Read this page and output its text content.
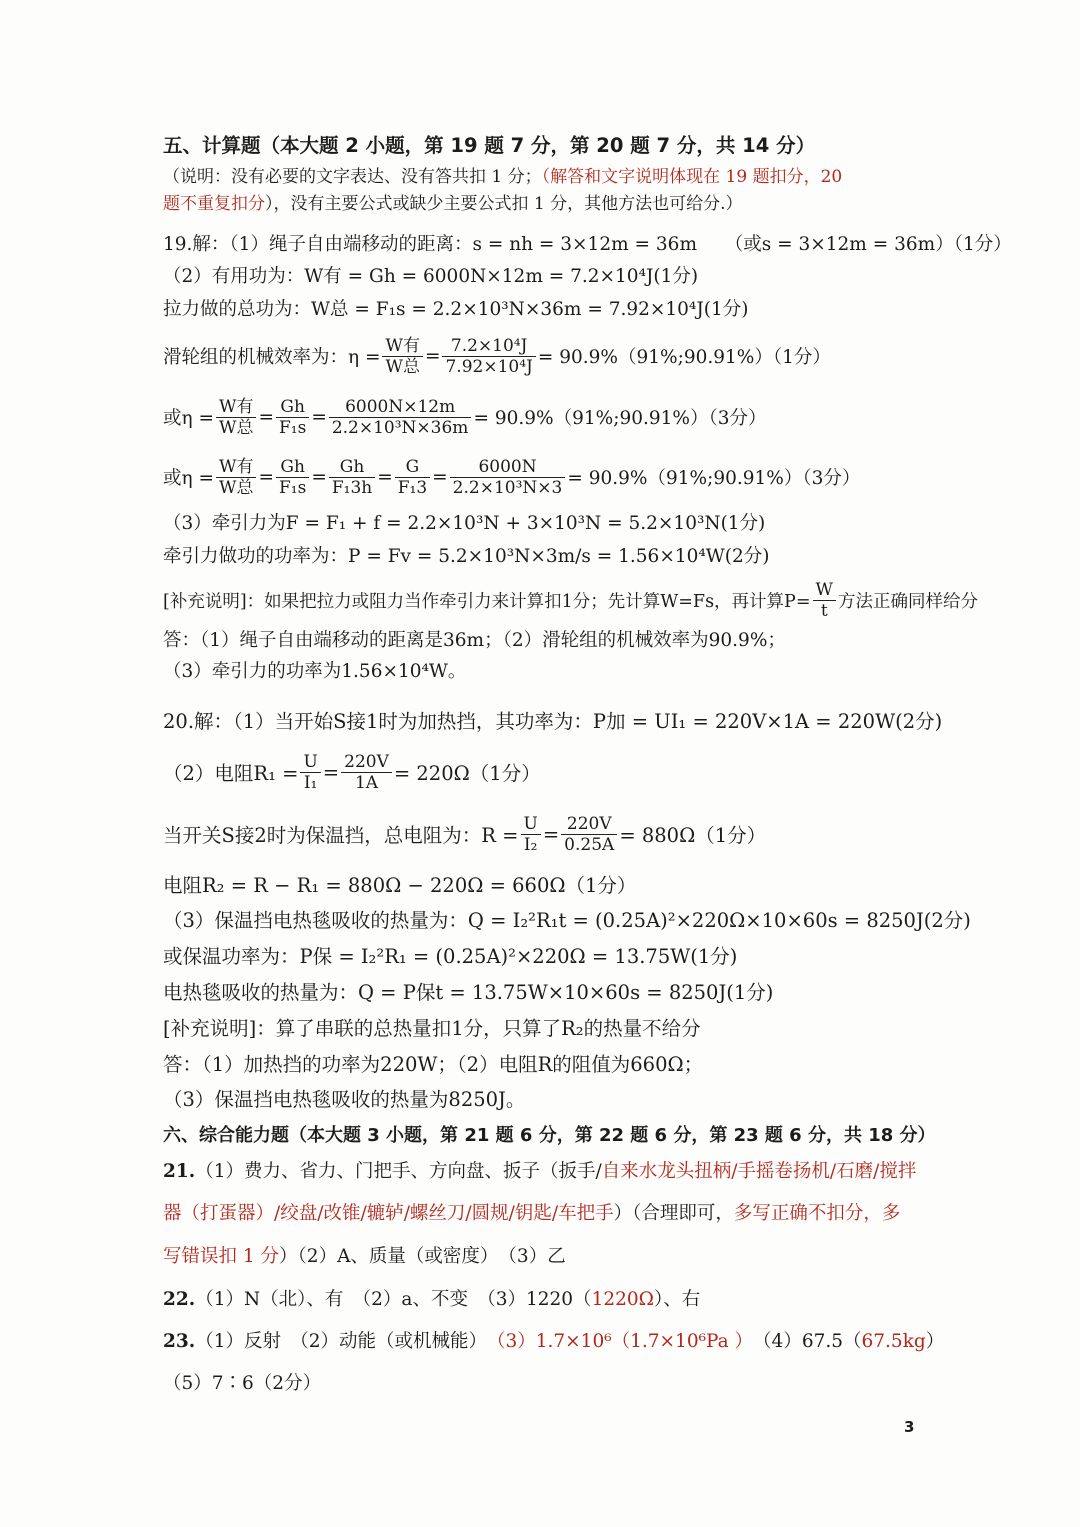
五、计算题（本大题 2 小题，第 19 题 7 分，第 20 题 7 分，共 14 分）
（说明：没有必要的文字表达、没有答共扣 1 分；（解答和文字说明体现在 19 题扣分，20
题不重复扣分），没有主要公式或缺少主要公式扣 1 分，其他方法也可给分.）
19.解：（1）绳子自由端移动的距离：s = nh = 3×12m = 36m　　（或s = 3×12m = 36m）（1分）
（2）有用功为：W有 = Gh = 6000N×12m = 7.2×10⁴J(1分)
拉力做的总功为：W总 = F₁s = 2.2×10³N×36m = 7.92×10⁴J(1分)
滑轮组的机械效率为：η =
W有
W总 = $\frac{\text{7.2×10⁴J}}{\text{7.92×10⁴J}}$ = 90.9%（91%;90.91%）（1分）
或η =
W有
W总 = Gh
$F_1s = \frac{6000N\times 12m}{\text{2.2×10³N×36m}}$ = 90.9%（91%;90.91%）（3分）
或η =
W有
W总 = Gh
F₁s = Gh
F₁3h = G
$F_13 = \frac{6000N}{\text{2.2×10³N×3}}$ = 90.9%（91%;90.91%）（3分）
（3）牵引力为F = F₁ + f = 2.2×10³N + 3×10³N = 5.2×10³N(1分)
牵引力做功的功率为：P = Fv = 5.2×10³N×3m/s = 1.56×10⁴W(2分)
[补充说明]：如果把拉力或阻力当作牵引力来计算扣1分；先计算W=Fs，再计算$P= \frac{W}{t}$ 方法正确同样给分
答：（1）绳子自由端移动的距离是36m；（2）滑轮组的机械效率为90.9%；
（3）牵引力的功率为1.56×10⁴W。
20.解：（1）当开始S接1时为加热挡，其功率为：P加 = UI₁ = 220V×1A = 220W(2分)
（2）电阻$R_1 = \frac{U}{\text{I₁}} = \frac{220V}{1A} = 220\Omega(1$分）
当开关S接2时为保温挡，总电阻为：$R = \frac{U}{\text{I₂}} = \frac{220V}{0.25A} = 880\Omega(1$分）
电阻R₂ = R − R₁ = 880Ω − 220Ω = 660Ω（1分）
（3）保温挡电热毯吸收的热量为：Q = I₂²R₁t = (0.25A)²×220Ω×10×60s = 8250J(2分)
或保温功率为：P保 = I₂²R₁ = (0.25A)²×220Ω = 13.75W(1分)
电热毯吸收的热量为：Q = P保t = 13.75W×10×60s = 8250J(1分)
[补充说明]：算了串联的总热量扣1分，只算了R₂的热量不给分
答：（1）加热挡的功率为220W；（2）电阻R的阻值为660Ω；
（3）保温挡电热毯吸收的热量为8250J。
六、综合能力题（本大题 3 小题，第 21 题 6 分，第 22 题 6 分，第 23 题 6 分，共 18 分）
21.（1）费力、省力、门把手、方向盘、扳子（扳手/自来水龙头扭柄/手摇卷扬机/石磨/搅拌
器（打蛋器）/绞盘/改锥/辘轳/螺丝刀/圆规/钥匙/车把手）（合理即可，多写正确不扣分，多
写错误扣 1 分）（2）A、质量（或密度）　（3）乙
22.（1）N（北）、有　（2）a、不变　（3）1220（1220Ω）、右
23.（1）反射　（2）动能（或机械能）　（3）1.7×10⁶（1.7×10⁶Pa ）　（4）67.5（67.5kg）
（5）7∶6（2分）
3
